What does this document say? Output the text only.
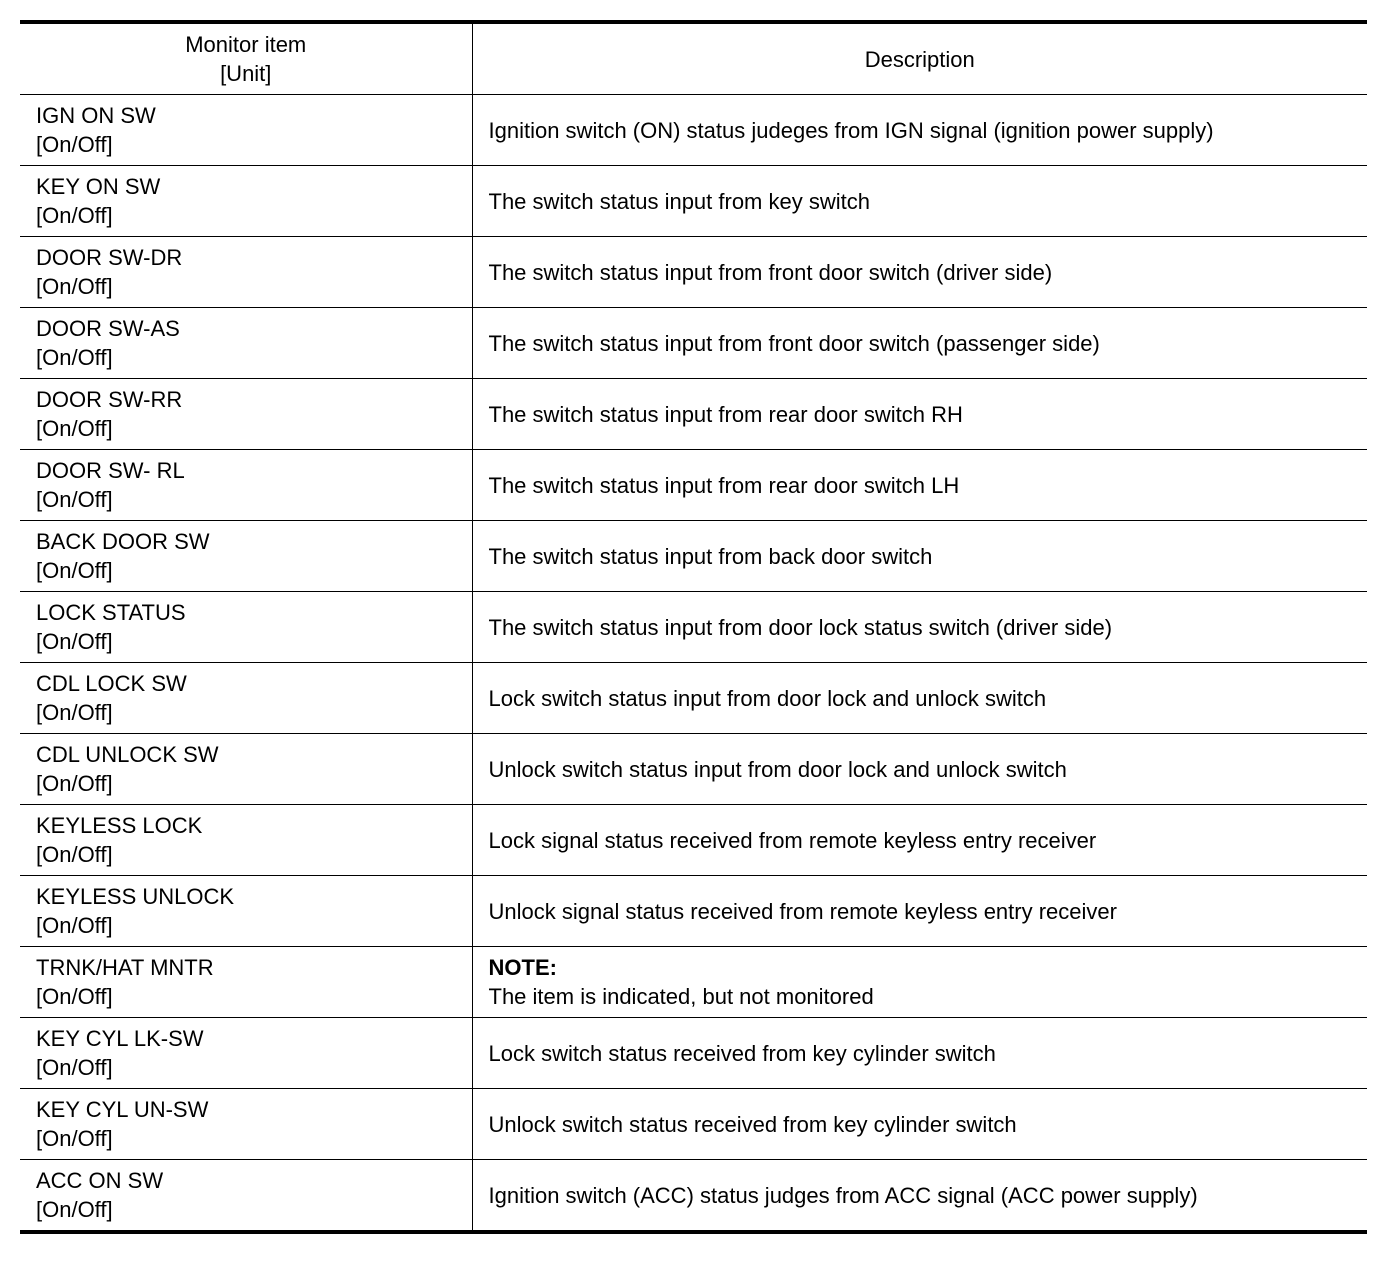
Monitor item
[Unit]	Description

IGN ON SW
[On/Off]	Ignition switch (ON) status judeges from IGN signal (ignition power supply)

KEY ON SW
[On/Off]	The switch status input from key switch

DOOR SW-DR
[On/Off]	The switch status input from front door switch (driver side)

DOOR SW-AS
[On/Off]	The switch status input from front door switch (passenger side)

DOOR SW-RR
[On/Off]	The switch status input from rear door switch RH

DOOR SW- RL
[On/Off]	The switch status input from rear door switch LH

BACK DOOR SW
[On/Off]	The switch status input from back door switch

LOCK STATUS
[On/Off]	The switch status input from door lock status switch (driver side)

CDL LOCK SW
[On/Off]	Lock switch status input from door lock and unlock switch

CDL UNLOCK SW
[On/Off]	Unlock switch status input from door lock and unlock switch

KEYLESS LOCK
[On/Off]	Lock signal status received from remote keyless entry receiver

KEYLESS UNLOCK
[On/Off]	Unlock signal status received from remote keyless entry receiver

TRNK/HAT MNTR
[On/Off]	NOTE:
The item is indicated, but not monitored

KEY CYL LK-SW
[On/Off]	Lock switch status received from key cylinder switch

KEY CYL UN-SW
[On/Off]	Unlock switch status received from key cylinder switch

ACC ON SW
[On/Off]	Ignition switch (ACC) status judges from ACC signal (ACC power supply)
